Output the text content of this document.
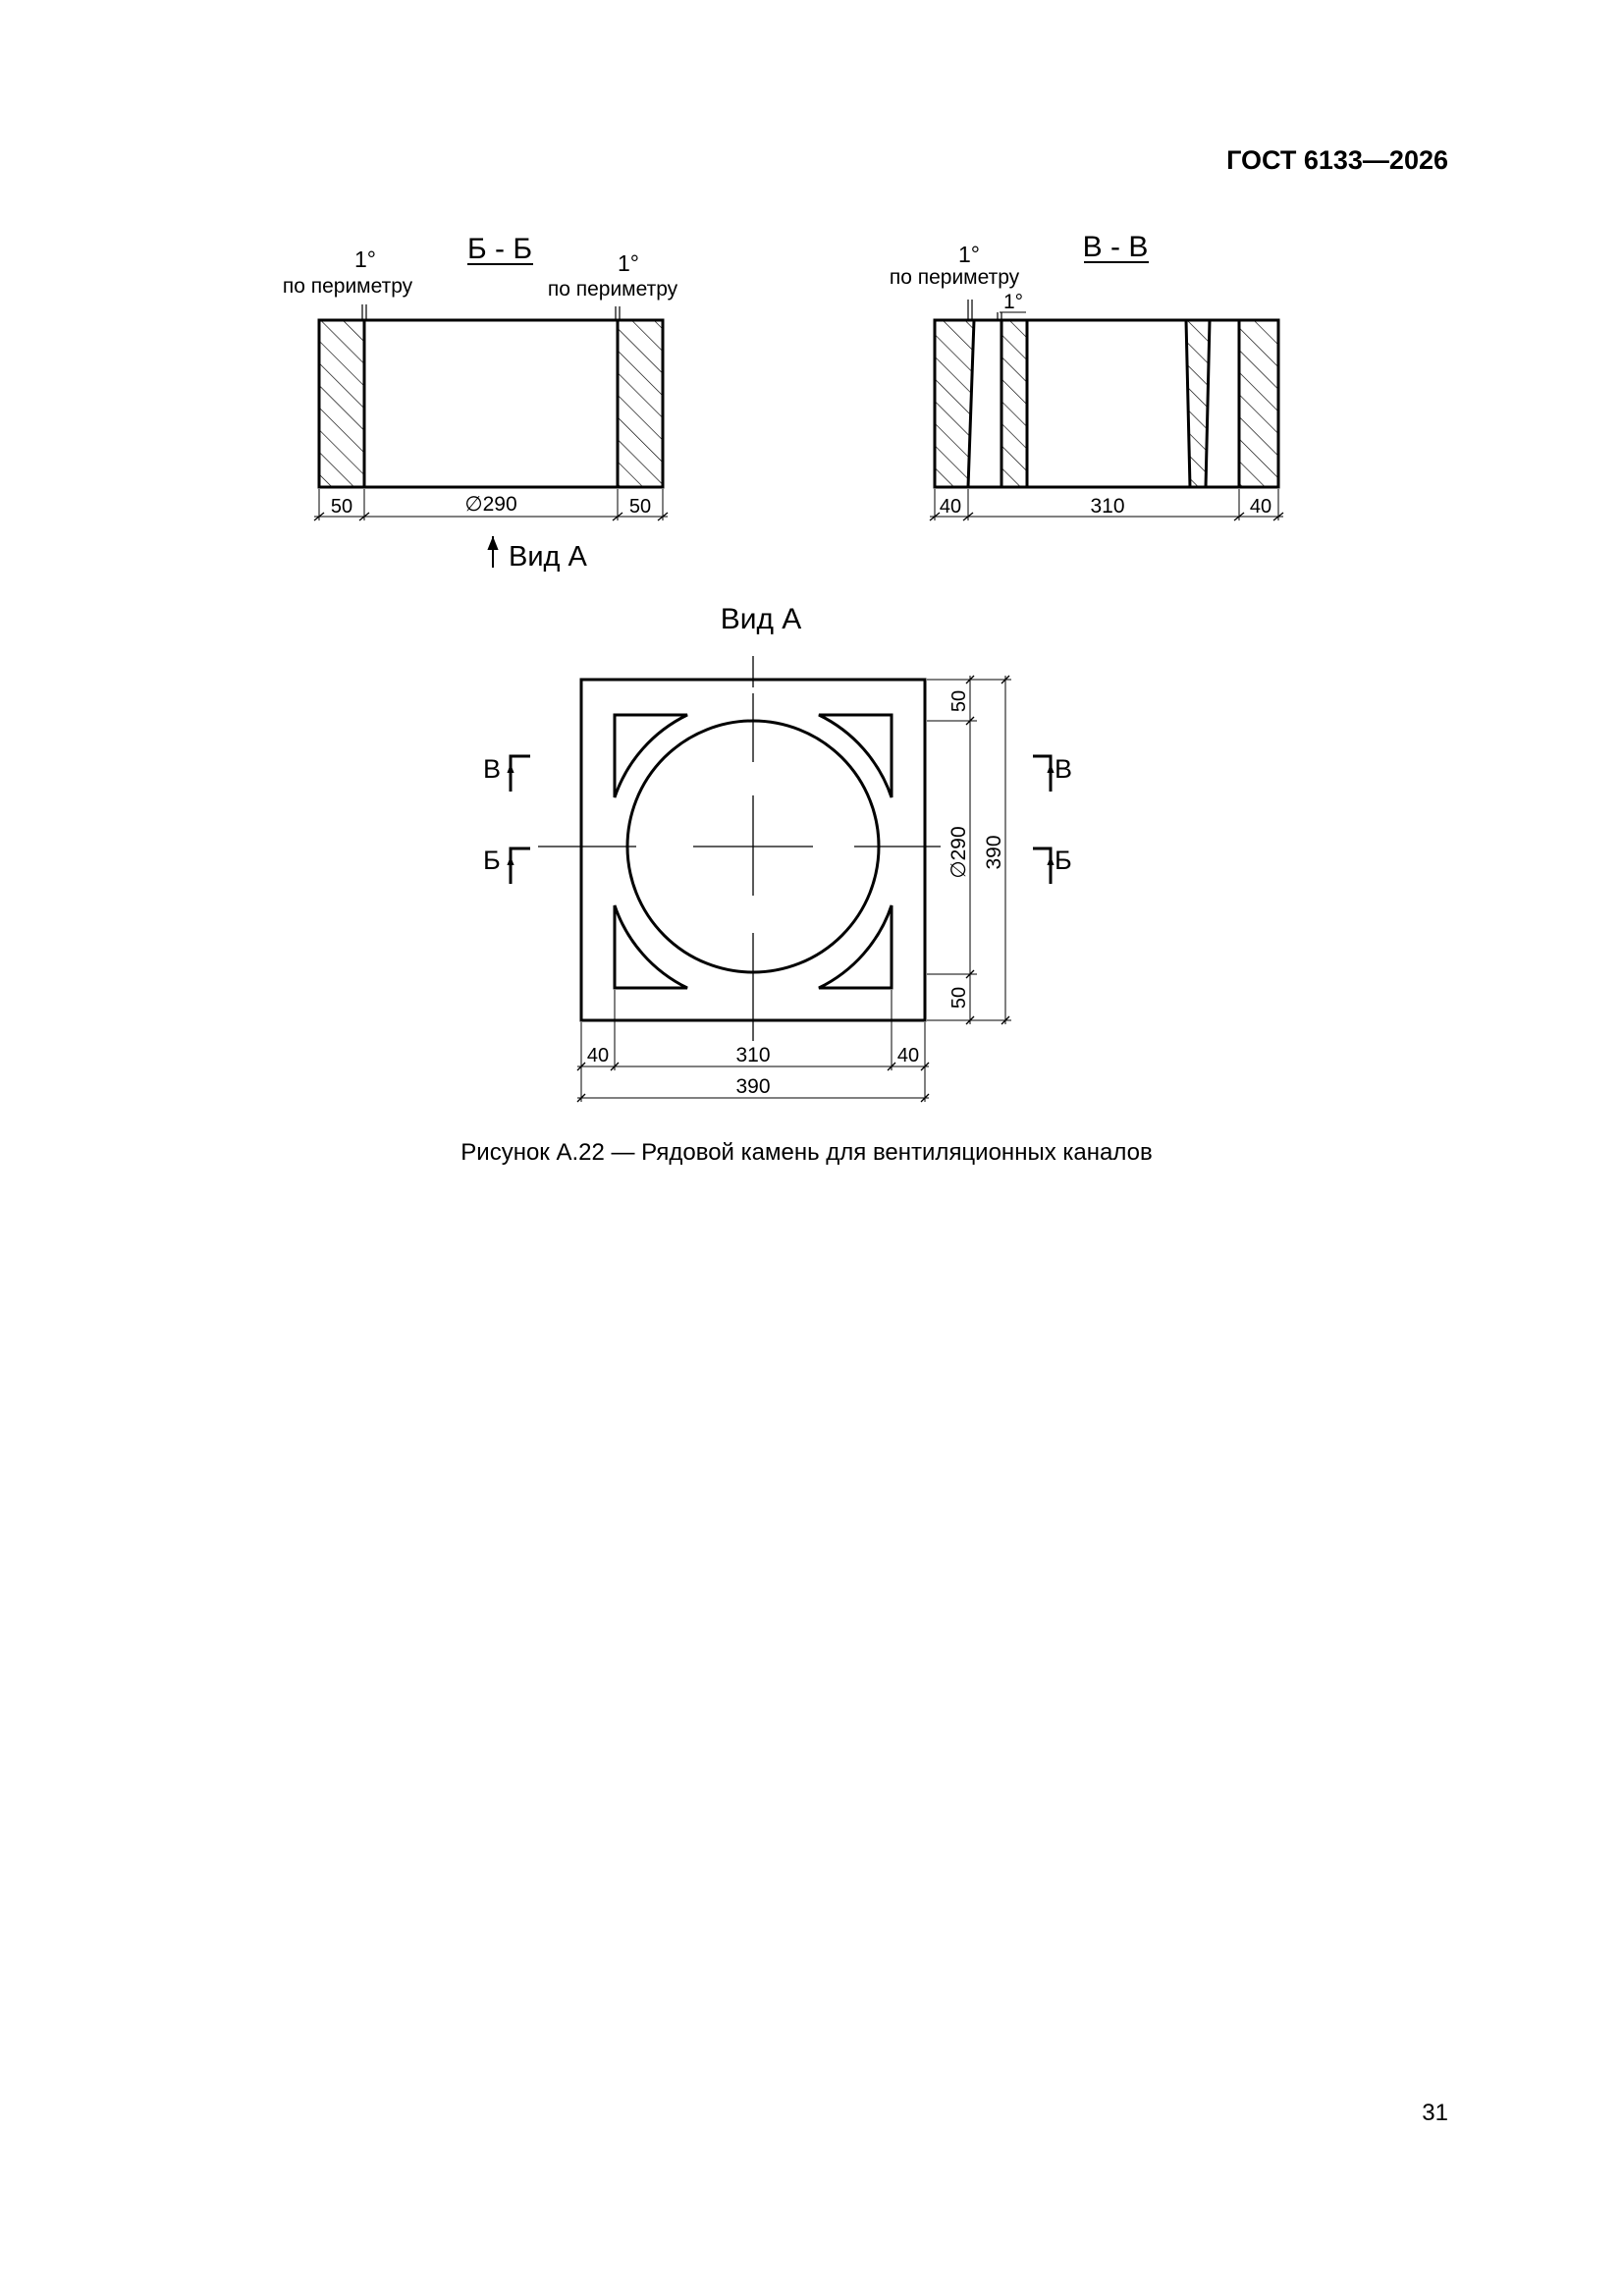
ГОСТ 6133—2026
Б - Б
1°
по периметру
1°
по периметру
50	∅290	50
Вид А
В - В
1°
по периметру
1°
40	310	40
Вид А
В
Б
В
Б
50
∅290
50
390
40	310	40
390
Рисунок А.22 — Рядовой камень для вентиляционных каналов
31
